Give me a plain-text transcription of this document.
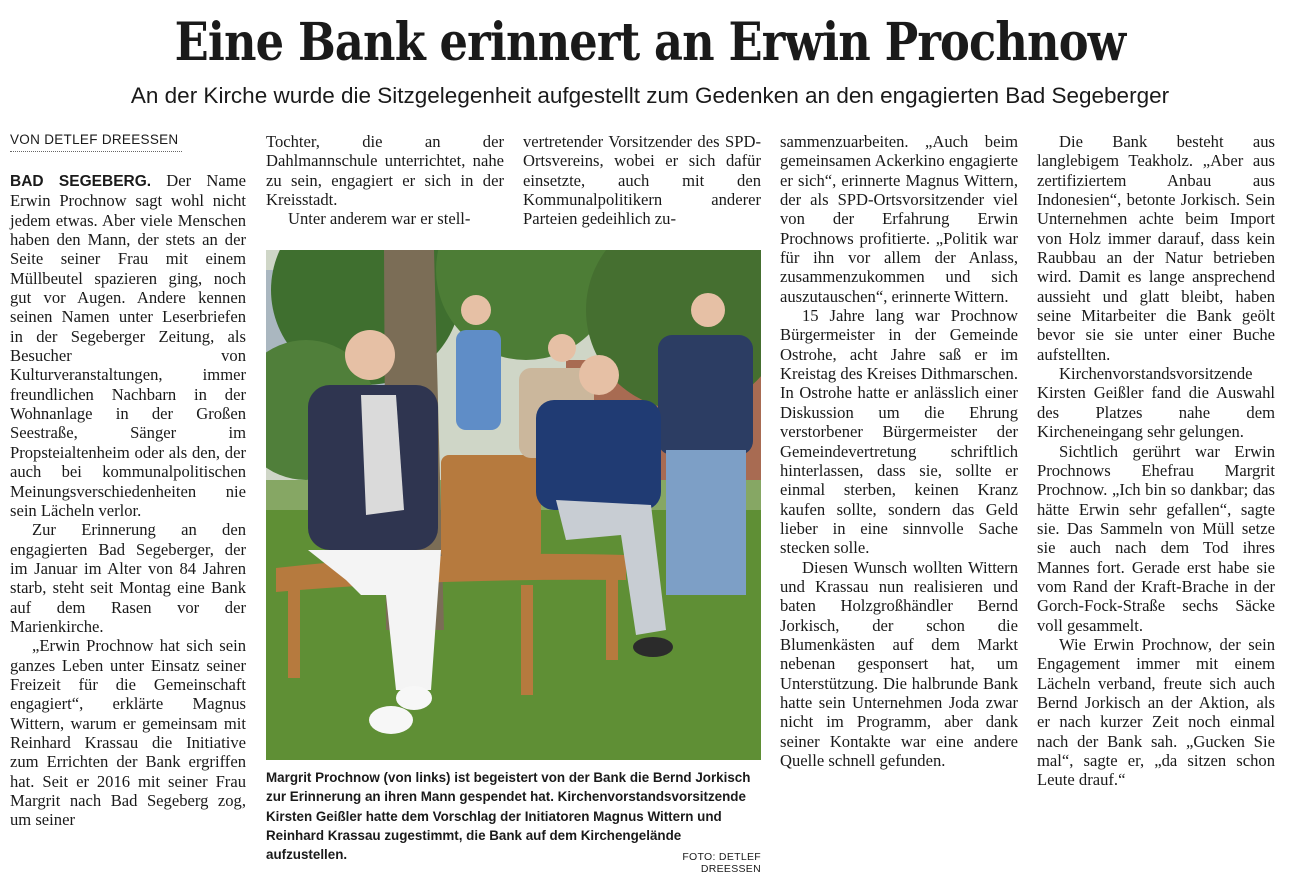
Eine Bank erinnert an Erwin Prochnow

An der Kirche wurde die Sitzgelegenheit aufgestellt zum Gedenken an den engagierten Bad Segeberger

VON DETLEF DREESSEN

BAD SEGEBERG. Der Name Erwin Prochnow sagt wohl nicht jedem etwas. Aber viele Menschen haben den Mann, der stets an der Seite seiner Frau mit einem Müllbeutel spazieren ging, noch gut vor Augen. Andere kennen seinen Namen unter Leserbriefen in der Segeberger Zeitung, als Besucher von Kulturveranstaltungen, immer freundlichen Nachbarn in der Wohnanlage in der Großen Seestraße, Sänger im Propsteialtenheim oder als den, der auch bei kommunalpolitischen Meinungsverschiedenheiten nie sein Lächeln verlor.

Zur Erinnerung an den engagierten Bad Segeberger, der im Januar im Alter von 84 Jahren starb, steht seit Montag eine Bank auf dem Rasen vor der Marienkirche.

„Erwin Prochnow hat sich sein ganzes Leben unter Einsatz seiner Freizeit für die Gemeinschaft engagiert“, erklärte Magnus Wittern, warum er gemeinsam mit Reinhard Krassau die Initiative zum Errichten der Bank ergriffen hat. Seit er 2016 mit seiner Frau Margrit nach Bad Segeberg zog, um seiner

Tochter, die an der Dahlmannschule unterrichtet, nahe zu sein, engagiert er sich in der Kreisstadt.

Unter anderem war er stell-

vertretender Vorsitzender des SPD-Ortsvereins, wobei er sich dafür einsetzte, auch mit den Kommunalpolitikern anderer Parteien gedeihlich zu-

Margrit Prochnow (von links) ist begeistert von der Bank die Bernd Jorkisch zur Erinnerung an ihren Mann gespendet hat. Kirchenvorstandsvorsitzende Kirsten Geißler hatte dem Vorschlag der Initiatoren Magnus Wittern und Reinhard Krassau zugestimmt, die Bank auf dem Kirchengelände aufzustellen.	FOTO: DETLEF DREESSEN

sammenzuarbeiten. „Auch beim gemeinsamen Ackerkino engagierte er sich“, erinnerte Magnus Wittern, der als SPD-Ortsvorsitzender viel von der Erfahrung Erwin Prochnows profitierte. „Politik war für ihn vor allem der Anlass, zusammenzukommen und sich auszutauschen“, erinnerte Wittern.

15 Jahre lang war Prochnow Bürgermeister in der Gemeinde Ostrohe, acht Jahre saß er im Kreistag des Kreises Dithmarschen. In Ostrohe hatte er anlässlich einer Diskussion um die Ehrung verstorbener Bürgermeister der Gemeindevertretung schriftlich hinterlassen, dass sie, sollte er einmal sterben, keinen Kranz kaufen sollte, sondern das Geld lieber in eine sinnvolle Sache stecken solle.

Diesen Wunsch wollten Wittern und Krassau nun realisieren und baten Holzgroßhändler Bernd Jorkisch, der schon die Blumenkästen auf dem Markt nebenan gesponsert hat, um Unterstützung. Die halbrunde Bank hatte sein Unternehmen Joda zwar nicht im Programm, aber dank seiner Kontakte war eine andere Quelle schnell gefunden.

Die Bank besteht aus langlebigem Teakholz. „Aber aus zertifiziertem Anbau aus Indonesien“, betonte Jorkisch. Sein Unternehmen achte beim Import von Holz immer darauf, dass kein Raubbau an der Natur betrieben wird. Damit es lange ansprechend aussieht und glatt bleibt, haben seine Mitarbeiter die Bank geölt bevor sie sie unter einer Buche aufstellten.

Kirchenvorstandsvorsitzende Kirsten Geißler fand die Auswahl des Platzes nahe dem Kircheneingang sehr gelungen.

Sichtlich gerührt war Erwin Prochnows Ehefrau Margrit Prochnow. „Ich bin so dankbar; das hätte Erwin sehr gefallen“, sagte sie. Das Sammeln von Müll setze sie auch nach dem Tod ihres Mannes fort. Gerade erst habe sie vom Rand der Kraft-Brache in der Gorch-Fock-Straße sechs Säcke voll gesammelt.

Wie Erwin Prochnow, der sein Engagement immer mit einem Lächeln verband, freute sich auch Bernd Jorkisch an der Aktion, als er nach kurzer Zeit noch einmal nach der Bank sah. „Gucken Sie mal“, sagte er, „da sitzen schon Leute drauf.“
